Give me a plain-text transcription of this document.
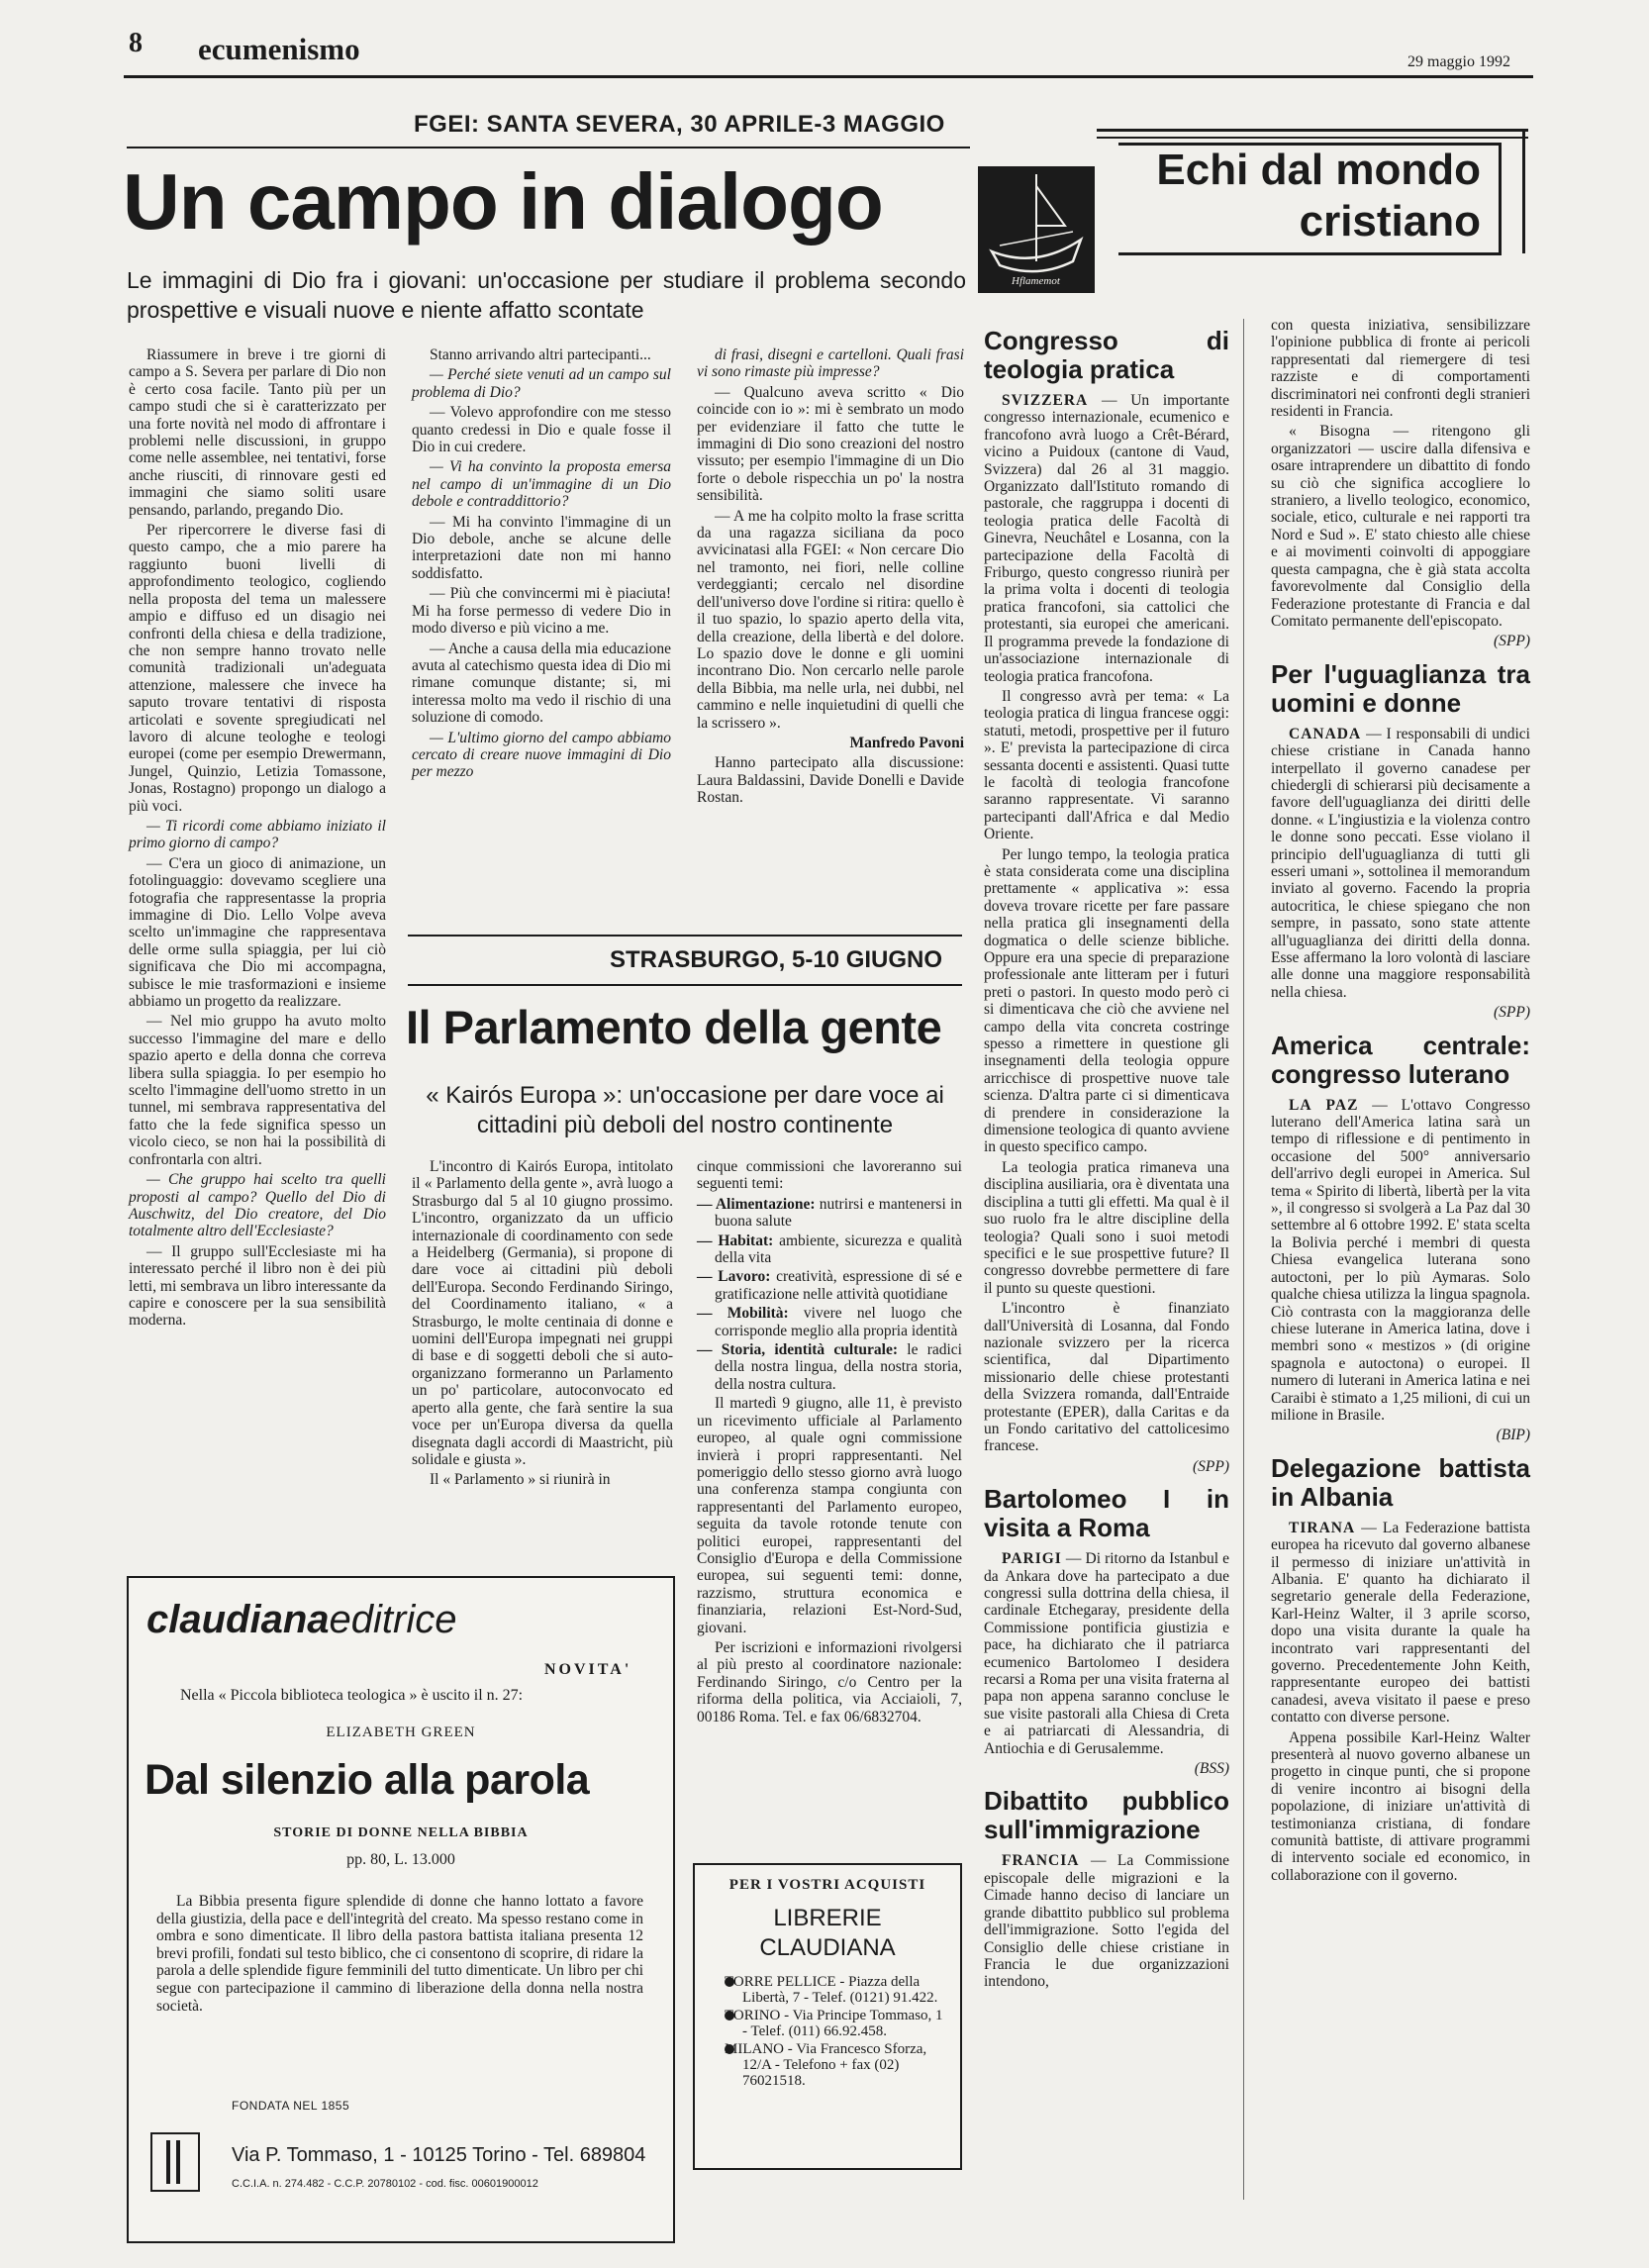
8 ecumenismo	29 maggio 1992
FGEI: SANTA SEVERA, 30 APRILE-3 MAGGIO
Un campo in dialogo
Le immagini di Dio fra i giovani: un'occasione per studiare il problema secondo prospettive e visuali nuove e niente affatto scontate

Riassumere in breve i tre giorni di campo a S. Severa per parlare di Dio non è certo cosa facile. Tanto più per un campo studi che si è caratterizzato per una forte novità nel modo di affrontare i problemi nelle discussioni, in gruppo come nelle assemblee, nei tentativi, forse anche riusciti, di rinnovare gesti ed immagini che siamo soliti usare pensando, parlando, pregando Dio.

Per ripercorrere le diverse fasi di questo campo, che a mio parere ha raggiunto buoni livelli di approfondimento teologico, cogliendo nella proposta del tema un malessere ampio e diffuso ed un disagio nei confronti della chiesa e della tradizione, che non sempre hanno trovato nelle comunità tradizionali un'adeguata attenzione, malessere che invece ha saputo trovare tentativi di risposta articolati e sovente spregiudicati nel lavoro di alcune teologhe e teologi europei (come per esempio Drewermann, Jungel, Quinzio, Letizia Tomassone, Jonas, Rostagno) propongo un dialogo a più voci.

— Ti ricordi come abbiamo iniziato il primo giorno di campo?

— C'era un gioco di animazione, un fotolinguaggio: dovevamo scegliere una fotografia che rappresentasse la propria immagine di Dio. Lello Volpe aveva scelto un'immagine che rappresentava delle orme sulla spiaggia, per lui ciò significava che Dio mi accompagna, subisce le mie trasformazioni e insieme abbiamo un progetto da realizzare.

— Nel mio gruppo ha avuto molto successo l'immagine del mare e dello spazio aperto e della donna che correva libera sulla spiaggia. Io per esempio ho scelto l'immagine dell'uomo stretto in un tunnel, mi sembrava rappresentativa del fatto che la fede significa spesso un vicolo cieco, se non hai la possibilità di confrontarla con altri.

— Che gruppo hai scelto tra quelli proposti al campo? Quello del Dio di Auschwitz, del Dio creatore, del Dio totalmente altro dell'Ecclesiaste?

— Il gruppo sull'Ecclesiaste mi ha interessato perché il libro non è dei più letti, mi sembrava un libro interessante da capire e conoscere per la sua sensibilità moderna.

Stanno arrivando altri partecipanti...

— Perché siete venuti ad un campo sul problema di Dio?

— Volevo approfondire con me stesso quanto credessi in Dio e quale fosse il Dio in cui credere.

— Vi ha convinto la proposta emersa nel campo di un'immagine di un Dio debole e contraddittorio?

— Mi ha convinto l'immagine di un Dio debole, anche se alcune delle interpretazioni date non mi hanno soddisfatto.

— Più che convincermi mi è piaciuta! Mi ha forse permesso di vedere Dio in modo diverso e più vicino a me.

— Anche a causa della mia educazione avuta al catechismo questa idea di Dio mi rimane comunque distante; si, mi interessa molto ma vedo il rischio di una soluzione di comodo.

— L'ultimo giorno del campo abbiamo cercato di creare nuove immagini di Dio per mezzo

di frasi, disegni e cartelloni. Quali frasi vi sono rimaste più impresse?

— Qualcuno aveva scritto « Dio coincide con io »: mi è sembrato un modo per evidenziare il fatto che tutte le immagini di Dio sono creazioni del nostro vissuto; per esempio l'immagine di un Dio forte o debole rispecchia un po' la nostra sensibilità.

— A me ha colpito molto la frase scritta da una ragazza siciliana da poco avvicinatasi alla FGEI: « Non cercare Dio nel tramonto, nei fiori, nelle colline verdeggianti; cercalo nel disordine dell'universo dove l'ordine si ritira: quello è il tuo spazio, lo spazio aperto della vita, della creazione, della libertà e del dolore. Lo spazio dove le donne e gli uomini incontrano Dio. Non cercarlo nelle parole della Bibbia, ma nelle urla, nei dubbi, nel cammino e nelle inquietudini di quelli che la scrissero ».

Manfredo Pavoni

Hanno partecipato alla discussione: Laura Baldassini, Davide Donelli e Davide Rostan.

STRASBURGO, 5-10 GIUGNO
Il Parlamento della gente
« Kairós Europa »: un'occasione per dare voce ai cittadini più deboli del nostro continente

L'incontro di Kairós Europa, intitolato il « Parlamento della gente », avrà luogo a Strasburgo dal 5 al 10 giugno prossimo. L'incontro, organizzato da un ufficio internazionale di coordinamento con sede a Heidelberg (Germania), si propone di dare voce ai cittadini più deboli dell'Europa. Secondo Ferdinando Siringo, del Coordinamento italiano, « a Strasburgo, le molte centinaia di donne e uomini dell'Europa impegnati nei gruppi di base e di soggetti deboli che si auto-organizzano formeranno un Parlamento un po' particolare, autoconvocato ed aperto alla gente, che farà sentire la sua voce per un'Europa diversa da quella disegnata dagli accordi di Maastricht, più solidale e giusta ».

Il « Parlamento » si riunirà in

cinque commissioni che lavoreranno sui seguenti temi:

— Alimentazione: nutrirsi e mantenersi in buona salute
— Habitat: ambiente, sicurezza e qualità della vita
— Lavoro: creatività, espressione di sé e gratificazione nelle attività quotidiane
— Mobilità: vivere nel luogo che corrisponde meglio alla propria identità
— Storia, identità culturale: le radici della nostra lingua, della nostra storia, della nostra cultura.

Il martedì 9 giugno, alle 11, è previsto un ricevimento ufficiale al Parlamento europeo, al quale ogni commissione invierà i propri rappresentanti. Nel pomeriggio dello stesso giorno avrà luogo una conferenza stampa congiunta con rappresentanti del Parlamento europeo, seguita da tavole rotonde tenute con politici europei, rappresentanti del Consiglio d'Europa e della Commissione europea, sui seguenti temi: donne, razzismo, struttura economica e finanziaria, relazioni Est-Nord-Sud, giovani.

Per iscrizioni e informazioni rivolgersi al più presto al coordinatore nazionale: Ferdinando Siringo, c/o Centro per la riforma della politica, via Acciaioli, 7, 00186 Roma. Tel. e fax 06/6832704.

claudianaeditrice
NOVITA'
Nella « Piccola biblioteca teologica » è uscito il n. 27:
ELIZABETH GREEN
Dal silenzio alla parola
STORIE DI DONNE NELLA BIBBIA
pp. 80, L. 13.000
La Bibbia presenta figure splendide di donne che hanno lottato a favore della giustizia, della pace e dell'integrità del creato. Ma spesso restano come in ombra e sono dimenticate. Il libro della pastora battista italiana presenta 12 brevi profili, fondati sul testo biblico, che ci consentono di scoprire, di ridare la parola a delle splendide figure femminili del tutto dimenticate. Un libro per chi segue con partecipazione il cammino di liberazione della donna nella nostra società.
FONDATA NEL 1855
Via P. Tommaso, 1 - 10125 Torino - Tel. 689804
C.C.I.A. n. 274.482 - C.C.P. 20780102 - cod. fisc. 00601900012
PER I VOSTRI ACQUISTI
LIBRERIE
CLAUDIANA
TORRE PELLICE - Piazza della Libertà, 7 - Telef. (0121) 91.422.
TORINO - Via Principe Tommaso, 1 - Telef. (011) 66.92.458.
MILANO - Via Francesco Sforza, 12/A - Telefono + fax (02) 76021518.
Hflamemot
Echi dal mondo
cristiano
Congresso di teologia pratica

SVIZZERA — Un importante congresso internazionale, ecumenico e francofono avrà luogo a Crêt-Bérard, vicino a Puidoux (cantone di Vaud, Svizzera) dal 26 al 31 maggio. Organizzato dall'Istituto romando di pastorale, che raggruppa i docenti di teologia pratica delle Facoltà di Ginevra, Neuchâtel e Losanna, con la partecipazione della Facoltà di Friburgo, questo congresso riunirà per la prima volta i docenti di teologia pratica francofoni, sia cattolici che protestanti, sia europei che americani. Il programma prevede la fondazione di un'associazione internazionale di teologia pratica francofona.

Il congresso avrà per tema: « La teologia pratica di lingua francese oggi: statuti, metodi, prospettive per il futuro ». E' prevista la partecipazione di circa sessanta docenti e assistenti. Quasi tutte le facoltà di teologia francofone saranno rappresentate. Vi saranno partecipanti dall'Africa e dal Medio Oriente.

Per lungo tempo, la teologia pratica è stata considerata come una disciplina prettamente « applicativa »: essa doveva trovare ricette per fare passare nella pratica gli insegnamenti della dogmatica o delle scienze bibliche. Oppure era una specie di preparazione professionale ante litteram per i futuri preti o pastori. In questo modo però ci si dimenticava che ciò che avviene nel campo della vita concreta costringe spesso a rimettere in questione gli insegnamenti della teologia oppure arricchisce di prospettive nuove tale scienza. D'altra parte ci si dimenticava di prendere in considerazione la dimensione teologica di quanto avviene in questo specifico campo.

La teologia pratica rimaneva una disciplina ausiliaria, ora è diventata una disciplina a tutti gli effetti. Ma qual è il suo ruolo fra le altre discipline della teologia? Quali sono i suoi metodi specifici e le sue prospettive future? Il congresso dovrebbe permettere di fare il punto su queste questioni.

L'incontro è finanziato dall'Università di Losanna, dal Fondo nazionale svizzero per la ricerca scientifica, dal Dipartimento missionario delle chiese protestanti della Svizzera romanda, dall'Entraide protestante (EPER), dalla Caritas e da un Fondo caritativo del cattolicesimo francese.

(SPP)

Bartolomeo I in visita a Roma

PARIGI — Di ritorno da Istanbul e da Ankara dove ha partecipato a due congressi sulla dottrina della chiesa, il cardinale Etchegaray, presidente della Commissione pontificia giustizia e pace, ha dichiarato che il patriarca ecumenico Bartolomeo I desidera recarsi a Roma per una visita fraterna al papa non appena saranno concluse le sue visite pastorali alla Chiesa di Creta e ai patriarcati di Alessandria, di Antiochia e di Gerusalemme.

(BSS)

Dibattito pubblico sull'immigrazione

FRANCIA — La Commissione episcopale delle migrazioni e la Cimade hanno deciso di lanciare un grande dibattito pubblico sul problema dell'immigrazione. Sotto l'egida del Consiglio delle chiese cristiane in Francia le due organizzazioni intendono,

con questa iniziativa, sensibilizzare l'opinione pubblica di fronte ai pericoli rappresentati dal riemergere di tesi razziste e di comportamenti discriminatori nei confronti degli stranieri residenti in Francia.

« Bisogna — ritengono gli organizzatori — uscire dalla difensiva e osare intraprendere un dibattito di fondo su ciò che significa accogliere lo straniero, a livello teologico, economico, sociale, etico, culturale e nei rapporti tra Nord e Sud ». E' stato chiesto alle chiese e ai movimenti coinvolti di appoggiare questa campagna, che è già stata accolta favorevolmente dal Consiglio della Federazione protestante di Francia e dal Comitato permanente dell'episcopato.

(SPP)

Per l'uguaglianza tra uomini e donne

CANADA — I responsabili di undici chiese cristiane in Canada hanno interpellato il governo canadese per chiedergli di schierarsi più decisamente a favore dell'uguaglianza dei diritti delle donne. « L'ingiustizia e la violenza contro le donne sono peccati. Esse violano il principio dell'uguaglianza di tutti gli esseri umani », sottolinea il memorandum inviato al governo. Facendo la propria autocritica, le chiese spiegano che non sempre, in passato, sono state attente all'uguaglianza dei diritti della donna. Esse affermano la loro volontà di lasciare alle donne una maggiore responsabilità nella chiesa.

(SPP)

America centrale: congresso luterano

LA PAZ — L'ottavo Congresso luterano dell'America latina sarà un tempo di riflessione e di pentimento in occasione del 500° anniversario dell'arrivo degli europei in America. Sul tema « Spirito di libertà, libertà per la vita », il congresso si svolgerà a La Paz dal 30 settembre al 6 ottobre 1992. E' stata scelta la Bolivia perché i membri di questa Chiesa evangelica luterana sono autoctoni, per lo più Aymaras. Solo qualche chiesa utilizza la lingua spagnola. Ciò contrasta con la maggioranza delle chiese luterane in America latina, dove i membri sono « mestizos » (di origine spagnola e autoctona) o europei. Il numero di luterani in America latina e nei Caraibi è stimato a 1,25 milioni, di cui un milione in Brasile.

(BIP)

Delegazione battista in Albania

TIRANA — La Federazione battista europea ha ricevuto dal governo albanese il permesso di iniziare un'attività in Albania. E' quanto ha dichiarato il segretario generale della Federazione, Karl-Heinz Walter, il 3 aprile scorso, dopo una visita durante la quale ha incontrato vari rappresentanti del governo. Precedentemente John Keith, rappresentante europeo dei battisti canadesi, aveva visitato il paese e preso contatto con diverse persone.

Appena possibile Karl-Heinz Walter presenterà al nuovo governo albanese un progetto in cinque punti, che si propone di venire incontro ai bisogni della popolazione, di iniziare un'attività di testimonianza cristiana, di fondare comunità battiste, di attivare programmi di intervento sociale ed economico, in collaborazione con il governo.
